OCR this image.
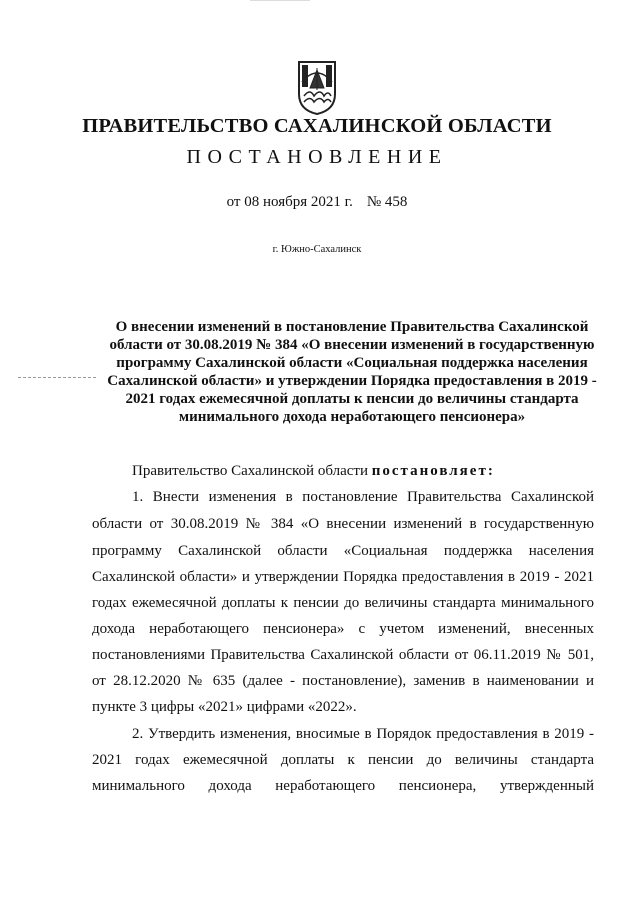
ПРАВИТЕЛЬСТВО САХАЛИНСКОЙ ОБЛАСТИ
ПОСТАНОВЛЕНИЕ
от 08 ноября 2021 г. № 458
г. Южно-Сахалинск
О внесении изменений в постановление Правительства Сахалинской
области от 30.08.2019 № 384 «О внесении изменений в государственную
программу Сахалинской области «Социальная поддержка населения
Сахалинской области» и утверждении Порядка предоставления в 2019 -
2021 годах ежемесячной доплаты к пенсии до величины стандарта
минимального дохода неработающего пенсионера»
Правительство Сахалинской области постановляет:
1. Внести изменения в постановление Правительства Сахалинской
области от 30.08.2019 № 384 «О внесении изменений в государственную
программу Сахалинской области «Социальная поддержка населения
Сахалинской области» и утверждении Порядка предоставления в 2019 - 2021
годах ежемесячной доплаты к пенсии до величины стандарта минимального
дохода неработающего пенсионера» с учетом изменений, внесенных
постановлениями Правительства Сахалинской области от 06.11.2019 № 501,
от 28.12.2020 № 635 (далее - постановление), заменив в наименовании и
пункте 3 цифры «2021» цифрами «2022».
2. Утвердить изменения, вносимые в Порядок предоставления в 2019 -
2021 годах ежемесячной доплаты к пенсии до величины стандарта
минимального дохода неработающего пенсионера, утвержденный
